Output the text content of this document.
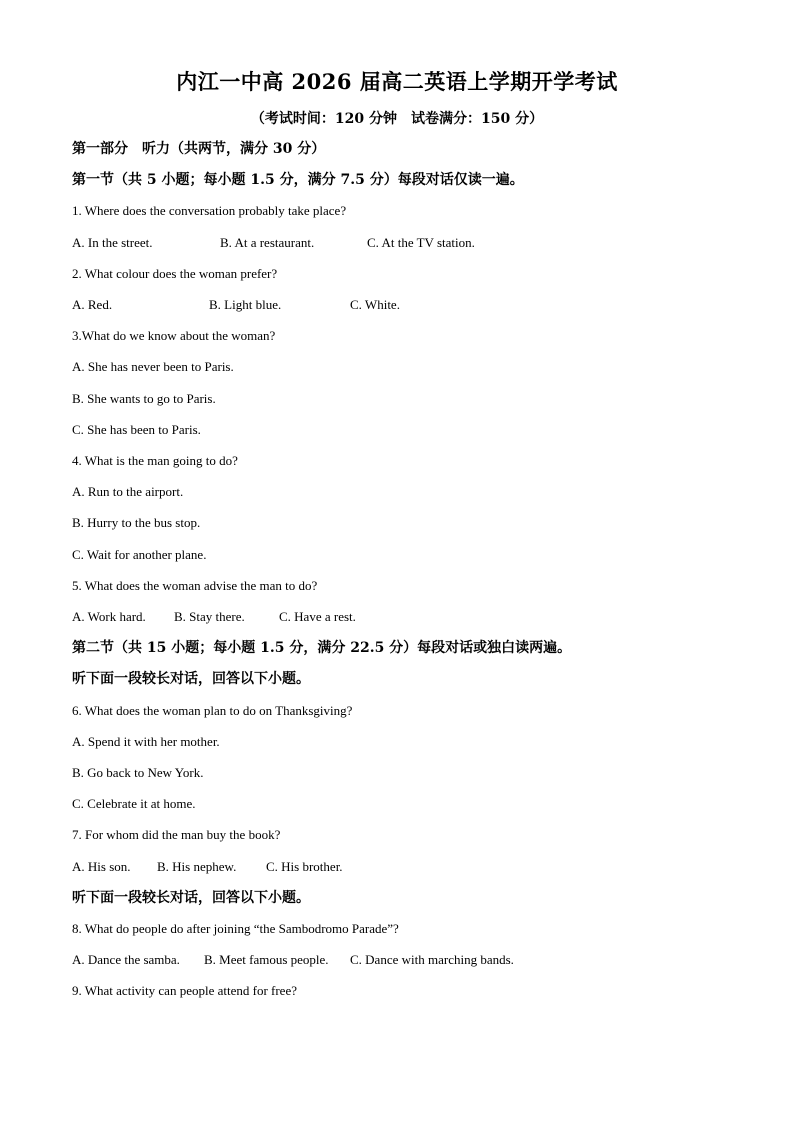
内江一中高 2026 届高二英语上学期开学考试
（考试时间：120 分钟　试卷满分：150 分）
第一部分　听力（共两节，满分 30 分）
第一节（共 5 小题；每小题 1.5 分，满分 7.5 分）每段对话仅读一遍。
1. Where does the conversation probably take place?
A. In the street.	B. At a restaurant.	C. At the TV station.
2. What colour does the woman prefer?
A. Red.	B. Light blue.	C. White.
3.What do we know about the woman?
A. She has never been to Paris.
B. She wants to go to Paris.
C. She has been to Paris.
4. What is the man going to do?
A. Run to the airport.
B. Hurry to the bus stop.
C. Wait for another plane.
5. What does the woman advise the man to do?
A. Work hard. B. Stay there.	C. Have a rest.
第二节（共 15 小题；每小题 1.5 分，满分 22.5 分）每段对话或独白读两遍。
听下面一段较长对话，回答以下小题。
6. What does the woman plan to do on Thanksgiving?
A. Spend it with her mother.
B. Go back to New York.
C. Celebrate it at home.
7. For whom did the man buy the book?
A. His son. B. His nephew. C. His brother.
听下面一段较长对话，回答以下小题。
8. What do people do after joining “the Sambodromo Parade”?
A. Dance the samba. B. Meet famous people. C. Dance with marching bands.
9. What activity can people attend for free?
